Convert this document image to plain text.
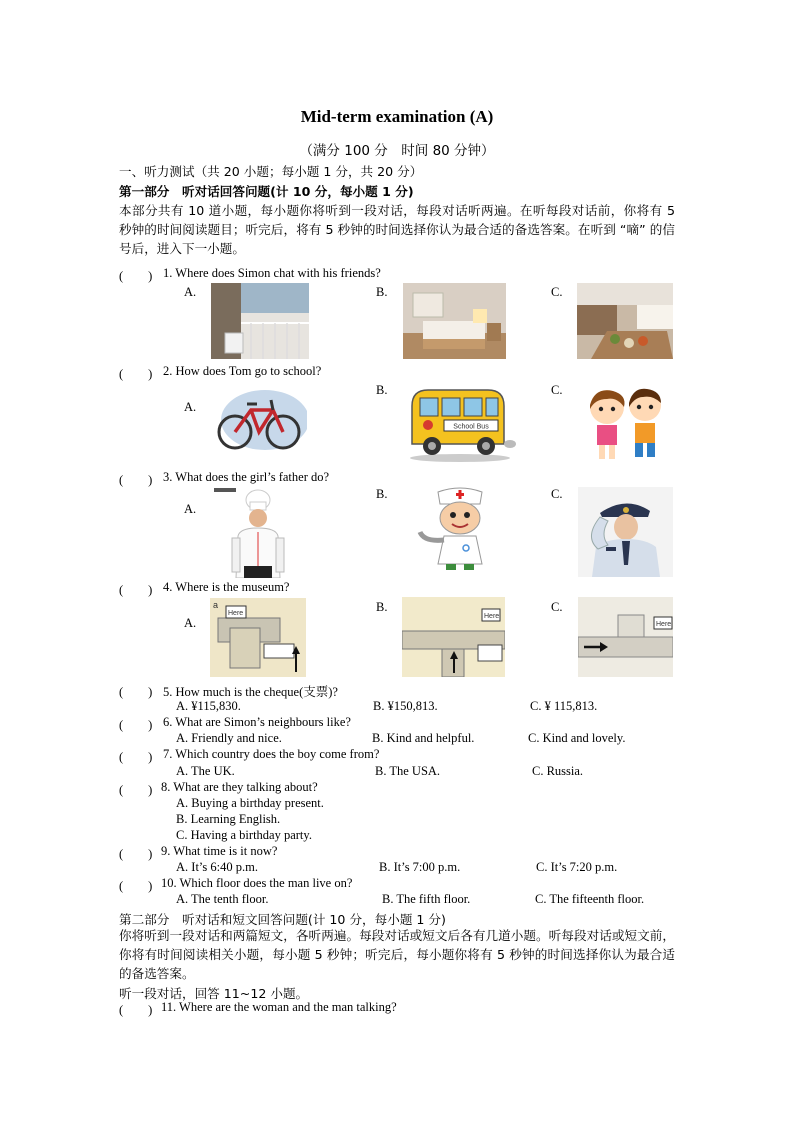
Mid-term examination (A)
（满分 100 分　时间 80 分钟）
一、听力测试（共 20 小题；每小题 1 分，共 20 分）
第一部分　听对话回答问题(计 10 分，每小题 1 分)
本部分共有 10 道小题，每小题你将听到一段对话，每段对话听两遍。在听每段对话前，你将有 5 秒钟的时间阅读题目；听完后，将有 5 秒钟的时间选择你认为最合适的备选答案。在听到 “嘀” 的信号后，进入下一小题。
(　　) 1. Where does Simon chat with his friends?
A.	B.	C.
(　　) 2. How does Tom go to school?
A.
B.	C.
School Bus
(　　) 3. What does the girl’s father do?
A.
B.	C.
(　　) 4. Where is the museum?
A.
B.	C.
a
Here	Here
Here
(　　) 5. How much is the cheque(支票)?
A. ¥115,830.	B. ¥150,813.	C. ¥ 115,813.
(　　) 6. What are Simon’s neighbours like?
A. Friendly and nice.	B. Kind and helpful.	C. Kind and lovely.
(　　) 7. Which country does the boy come from?
A. The UK.	B. The USA.	C. Russia.
(　　) 8. What are they talking about?
A. Buying a birthday present.
B. Learning English.
C. Having a birthday party.
(　　) 9. What time is it now?
A. It’s 6:40 p.m.	B. It’s 7:00 p.m.	C. It’s 7:20 p.m.
(　　) 10. Which floor does the man live on?
A. The tenth floor.	B. The fifth floor.	C. The fifteenth floor.
第二部分　听对话和短文回答问题(计 10 分，每小题 1 分)
你将听到一段对话和两篇短文，各听两遍。每段对话或短文后各有几道小题。听每段对话或短文前，你将有时间阅读相关小题，每小题 5 秒钟；听完后，每小题你将有 5 秒钟的时间选择你认为最合适的备选答案。
听一段对话，回答 11~12 小题。
(　　) 11. Where are the woman and the man talking?
